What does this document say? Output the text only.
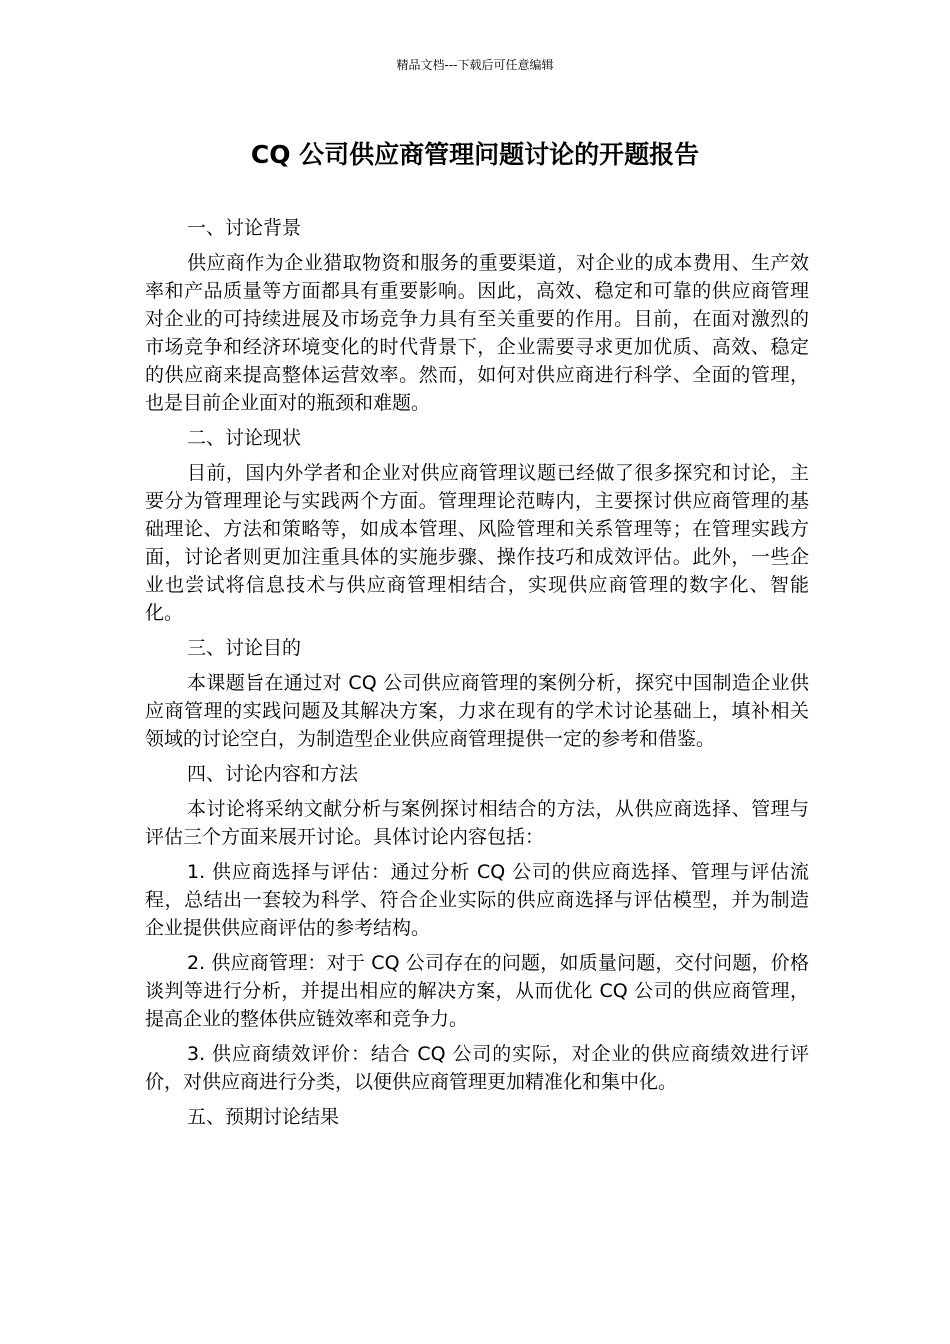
精品文档---下载后可任意编辑
CQ 公司供应商管理问题讨论的开题报告
一、讨论背景
供应商作为企业猎取物资和服务的重要渠道，对企业的成本费用、生产效率和产品质量等方面都具有重要影响。因此，高效、稳定和可靠的供应商管理对企业的可持续进展及市场竞争力具有至关重要的作用。目前，在面对激烈的市场竞争和经济环境变化的时代背景下，企业需要寻求更加优质、高效、稳定的供应商来提高整体运营效率。然而，如何对供应商进行科学、全面的管理，也是目前企业面对的瓶颈和难题。
二、讨论现状
目前，国内外学者和企业对供应商管理议题已经做了很多探究和讨论，主要分为管理理论与实践两个方面。管理理论范畴内，主要探讨供应商管理的基础理论、方法和策略等，如成本管理、风险管理和关系管理等；在管理实践方面，讨论者则更加注重具体的实施步骤、操作技巧和成效评估。此外，一些企业也尝试将信息技术与供应商管理相结合，实现供应商管理的数字化、智能化。
三、讨论目的
本课题旨在通过对 CQ 公司供应商管理的案例分析，探究中国制造企业供应商管理的实践问题及其解决方案，力求在现有的学术讨论基础上，填补相关领域的讨论空白，为制造型企业供应商管理提供一定的参考和借鉴。
四、讨论内容和方法
本讨论将采纳文献分析与案例探讨相结合的方法，从供应商选择、管理与评估三个方面来展开讨论。具体讨论内容包括：
1. 供应商选择与评估：通过分析 CQ 公司的供应商选择、管理与评估流程，总结出一套较为科学、符合企业实际的供应商选择与评估模型，并为制造企业提供供应商评估的参考结构。
2. 供应商管理：对于 CQ 公司存在的问题，如质量问题，交付问题，价格谈判等进行分析，并提出相应的解决方案，从而优化 CQ 公司的供应商管理，提高企业的整体供应链效率和竞争力。
3. 供应商绩效评价：结合 CQ 公司的实际，对企业的供应商绩效进行评价，对供应商进行分类，以便供应商管理更加精准化和集中化。
五、预期讨论结果
